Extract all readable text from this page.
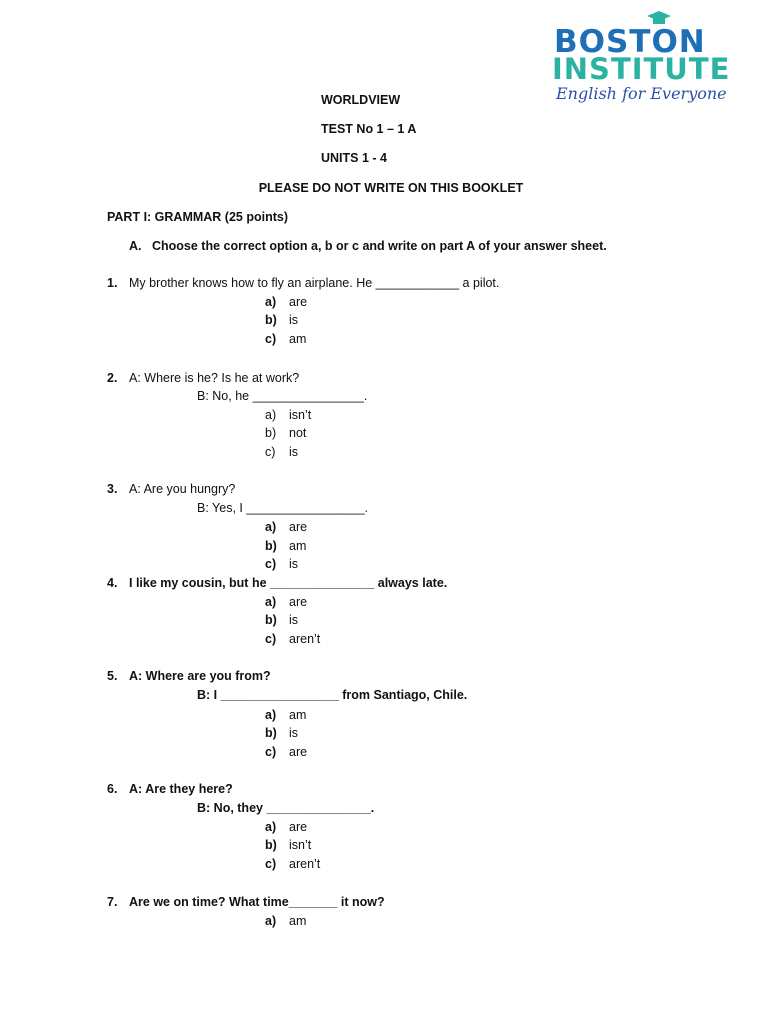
BOSTON
INSTITUTE
English for Everyone
WORLDVIEW
TEST No 1 – 1 A
UNITS 1 - 4
PLEASE DO NOT WRITE ON THIS BOOKLET
PART I: GRAMMAR (25 points)
A. Choose the correct option a, b or c and write on part A of your answer sheet.
1. My brother knows how to fly an airplane. He ____________ a pilot.
a) are
b) is
c) am
2. A: Where is he? Is he at work?
B: No, he ________________.
a) isn’t
b) not
c) is
3. A: Are you hungry?
B: Yes, I _________________.
a) are
b) am
c) is
4. I like my cousin, but he _______________ always late.
a) are
b) is
c) aren’t
5. A: Where are you from?
B: I _________________ from Santiago, Chile.
a) am
b) is
c) are
6. A: Are they here?
B: No, they _______________.
a) are
b) isn’t
c) aren’t
7. Are we on time? What time_______ it now?
a) am
